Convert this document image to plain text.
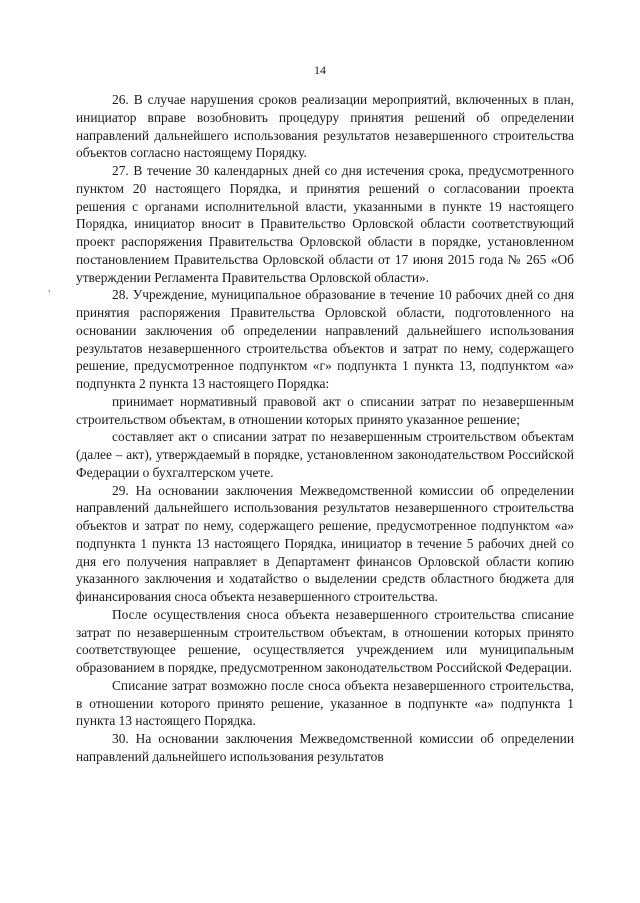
14
,

26. В случае нарушения сроков реализации мероприятий, включенных в план, инициатор вправе возобновить процедуру принятия решений об определении направлений дальнейшего использования результатов незавершенного строительства объектов согласно настоящему Порядку.

27. В течение 30 календарных дней со дня истечения срока, предусмотренного пунктом 20 настоящего Порядка, и принятия решений о согласовании проекта решения с органами исполнительной власти, указанными в пункте 19 настоящего Порядка, инициатор вносит в Правительство Орловской области соответствующий проект распоряжения Правительства Орловской области в порядке, установленном постановлением Правительства Орловской области от 17 июня 2015 года № 265 «Об утверждении Регламента Правительства Орловской области».

28. Учреждение, муниципальное образование в течение 10 рабочих дней со дня принятия распоряжения Правительства Орловской области, подготовленного на основании заключения об определении направлений дальнейшего использования результатов незавершенного строительства объектов и затрат по нему, содержащего решение, предусмотренное подпунктом «г» подпункта 1 пункта 13, подпунктом «а» подпункта 2 пункта 13 настоящего Порядка:

принимает нормативный правовой акт о списании затрат по незавершенным строительством объектам, в отношении которых принято указанное решение;

составляет акт о списании затрат по незавершенным строительством объектам (далее – акт), утверждаемый в порядке, установленном законодательством Российской Федерации о бухгалтерском учете.

29. На основании заключения Межведомственной комиссии об определении направлений дальнейшего использования результатов незавершенного строительства объектов и затрат по нему, содержащего решение, предусмотренное подпунктом «а» подпункта 1 пункта 13 настоящего Порядка, инициатор в течение 5 рабочих дней со дня его получения направляет в Департамент финансов Орловской области копию указанного заключения и ходатайство о выделении средств областного бюджета для финансирования сноса объекта незавершенного строительства.

После осуществления сноса объекта незавершенного строительства списание затрат по незавершенным строительством объектам, в отношении которых принято соответствующее решение, осуществляется учреждением или муниципальным образованием в порядке, предусмотренном законодательством Российской Федерации.

Списание затрат возможно после сноса объекта незавершенного строительства, в отношении которого принято решение, указанное в подпункте «а» подпункта 1 пункта 13 настоящего Порядка.

30. На основании заключения Межведомственной комиссии об определении направлений дальнейшего использования результатов
